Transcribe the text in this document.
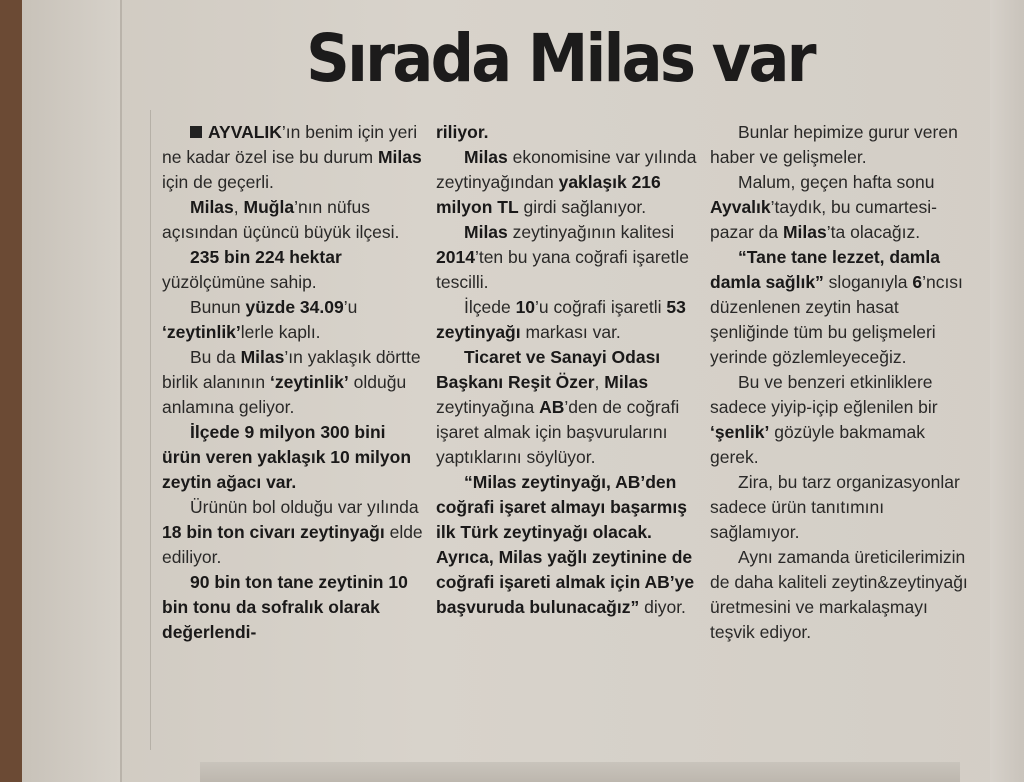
Sırada Milas var

AYVALIK’ın benim için yeri ne kadar özel ise bu durum Milas için de geçerli.

Milas, Muğla’nın nüfus açısından üçüncü büyük ilçesi.

235 bin 224 hektar yüzölçümüne sahip.

Bunun yüzde 34.09’u ‘zeytinlik’lerle kaplı.

Bu da Milas’ın yaklaşık dörtte birlik alanının ‘zeytinlik’ olduğu anlamına geliyor.

İlçede 9 milyon 300 bini ürün veren yaklaşık 10 milyon zeytin ağacı var.

Ürünün bol olduğu var yılında 18 bin ton civarı zeytinyağı elde ediliyor.

90 bin ton tane zeytinin 10 bin tonu da sofralık olarak değerlendi-

riliyor.

Milas ekonomisine var yılında zeytinyağından yaklaşık 216 milyon TL girdi sağlanıyor.

Milas zeytinyağının kalitesi 2014’ten bu yana coğrafi işaretle tescilli.

İlçede 10’u coğrafi işaretli 53 zeytinyağı markası var.

Ticaret ve Sanayi Odası Başkanı Reşit Özer, Milas zeytinyağına AB’den de coğrafi işaret almak için başvurularını yaptıklarını söylüyor.

“Milas zeytinyağı, AB’den coğrafi işaret almayı başarmış ilk Türk zeytinyağı olacak. Ayrıca, Milas yağlı zeytinine de coğrafi işareti almak için AB’ye başvuruda bulunacağız” diyor.

Bunlar hepimize gurur veren haber ve gelişmeler.

Malum, geçen hafta sonu Ayvalık’taydık, bu cumartesi-pazar da Milas’ta olacağız.

“Tane tane lezzet, damla damla sağlık” sloganıyla 6’ncısı düzenlenen zeytin hasat şenliğinde tüm bu gelişmeleri yerinde gözlemleyeceğiz.

Bu ve benzeri etkinliklere sadece yiyip-içip eğlenilen bir ‘şenlik’ gözüyle bakmamak gerek.

Zira, bu tarz organizasyonlar sadece ürün tanıtımını sağlamıyor.

Aynı zamanda üreticilerimizin de daha kaliteli zeytin&zeytinyağı üretmesini ve markalaşmayı teşvik ediyor.
